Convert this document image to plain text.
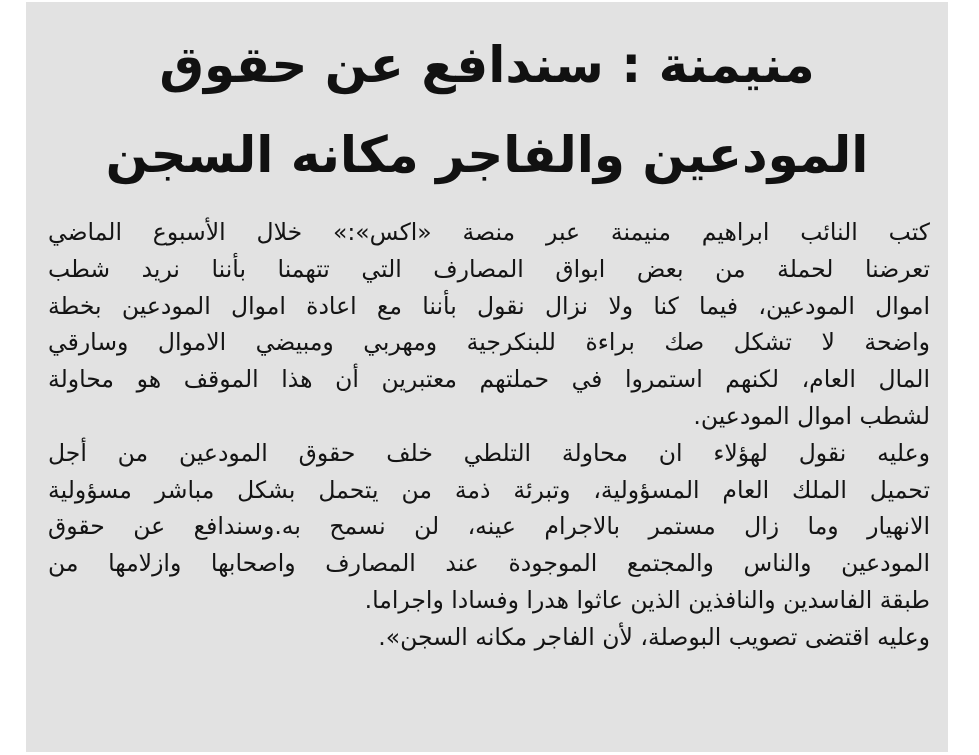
منيمنة : سندافع عن حقوق
المودعين والفاجر مكانه السجن
كتب النائب ابراهيم منيمنة عبر منصة «اكس»:» خلال الأسبوع الماضي
تعرضنا لحملة من بعض ابواق المصارف التي تتهمنا بأننا نريد شطب
اموال المودعين، فيما كنا ولا نزال نقول بأننا مع اعادة اموال المودعين بخطة
واضحة لا تشكل صك براءة للبنكرجية ومهربي ومبيضي الاموال وسارقي
المال العام، لكنهم استمروا في حملتهم معتبرين أن هذا الموقف هو محاولة
لشطب اموال المودعين.
وعليه نقول لهؤلاء ان محاولة التلطي خلف حقوق المودعين من أجل
تحميل الملك العام المسؤولية، وتبرئة ذمة من يتحمل بشكل مباشر مسؤولية
الانهيار وما زال مستمر بالاجرام عينه، لن نسمح به.وسندافع عن حقوق
المودعين والناس والمجتمع الموجودة عند المصارف واصحابها وازلامها من
طبقة الفاسدين والنافذين الذين عاثوا هدرا وفسادا واجراما.
وعليه اقتضى تصويب البوصلة، لأن الفاجر مكانه السجن».
